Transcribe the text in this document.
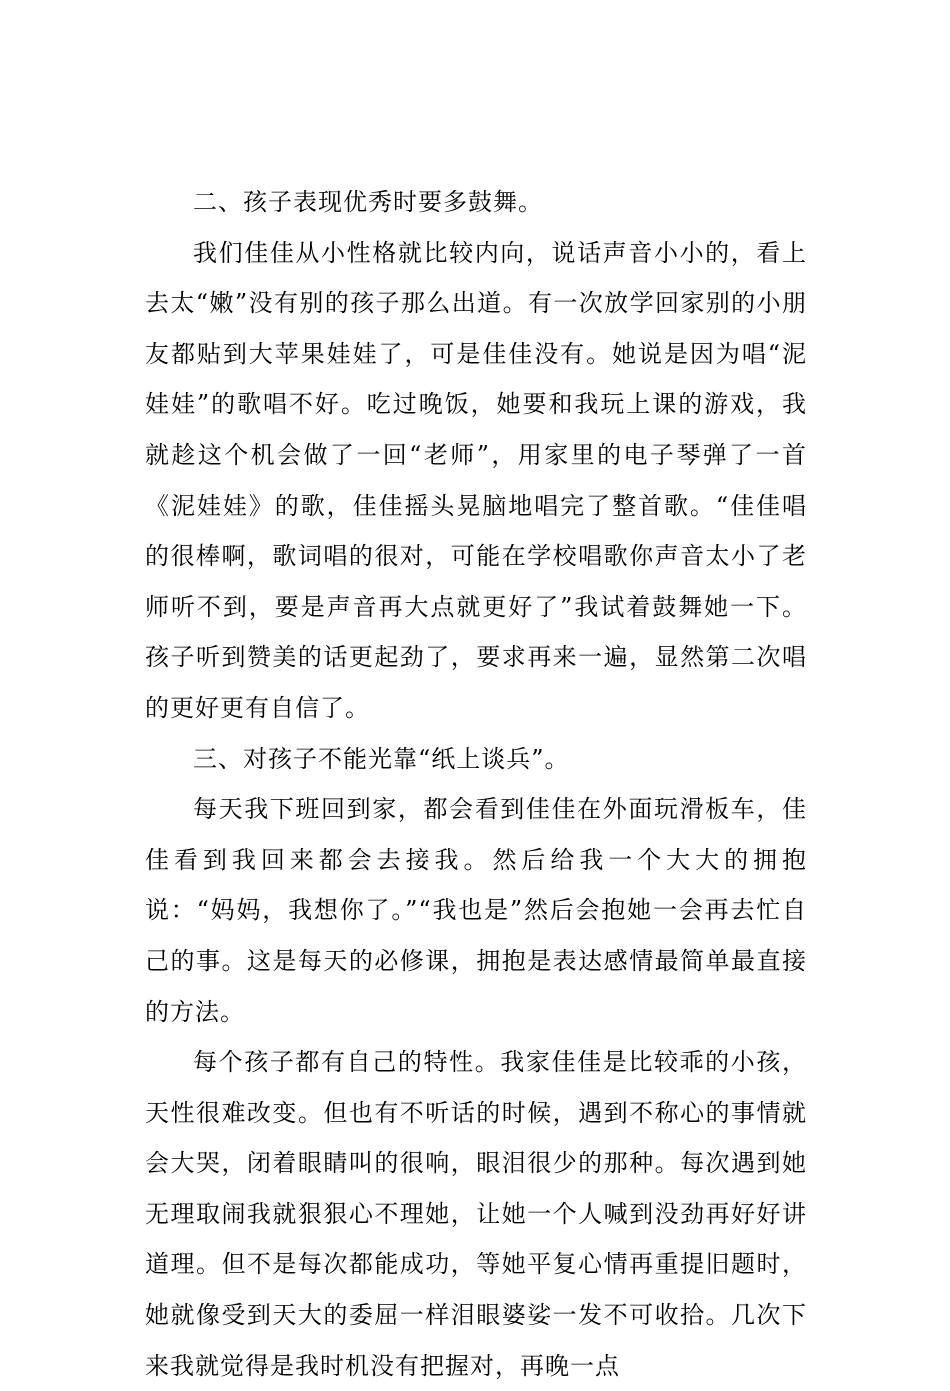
二、孩子表现优秀时要多鼓舞。

我们佳佳从小性格就比较内向，说话声音小小的，看上去太“嫩”没有别的孩子那么出道。有一次放学回家别的小朋友都贴到大苹果娃娃了，可是佳佳没有。她说是因为唱“泥娃娃”的歌唱不好。吃过晚饭，她要和我玩上课的游戏，我就趁这个机会做了一回“老师”，用家里的电子琴弹了一首《泥娃娃》的歌，佳佳摇头晃脑地唱完了整首歌。“佳佳唱的很棒啊，歌词唱的很对，可能在学校唱歌你声音太小了老师听不到，要是声音再大点就更好了”我试着鼓舞她一下。孩子听到赞美的话更起劲了，要求再来一遍，显然第二次唱的更好更有自信了。

三、对孩子不能光靠“纸上谈兵”。

每天我下班回到家，都会看到佳佳在外面玩滑板车，佳佳看到我回来都会去接我。然后给我一个大大的拥抱说：“妈妈，我想你了。”“我也是”然后会抱她一会再去忙自己的事。这是每天的必修课，拥抱是表达感情最简单最直接的方法。

每个孩子都有自己的特性。我家佳佳是比较乖的小孩，天性很难改变。但也有不听话的时候，遇到不称心的事情就会大哭，闭着眼睛叫的很响，眼泪很少的那种。每次遇到她无理取闹我就狠狠心不理她，让她一个人喊到没劲再好好讲道理。但不是每次都能成功，等她平复心情再重提旧题时，她就像受到天大的委屈一样泪眼婆娑一发不可收拾。几次下来我就觉得是我时机没有把握对，再晚一点
